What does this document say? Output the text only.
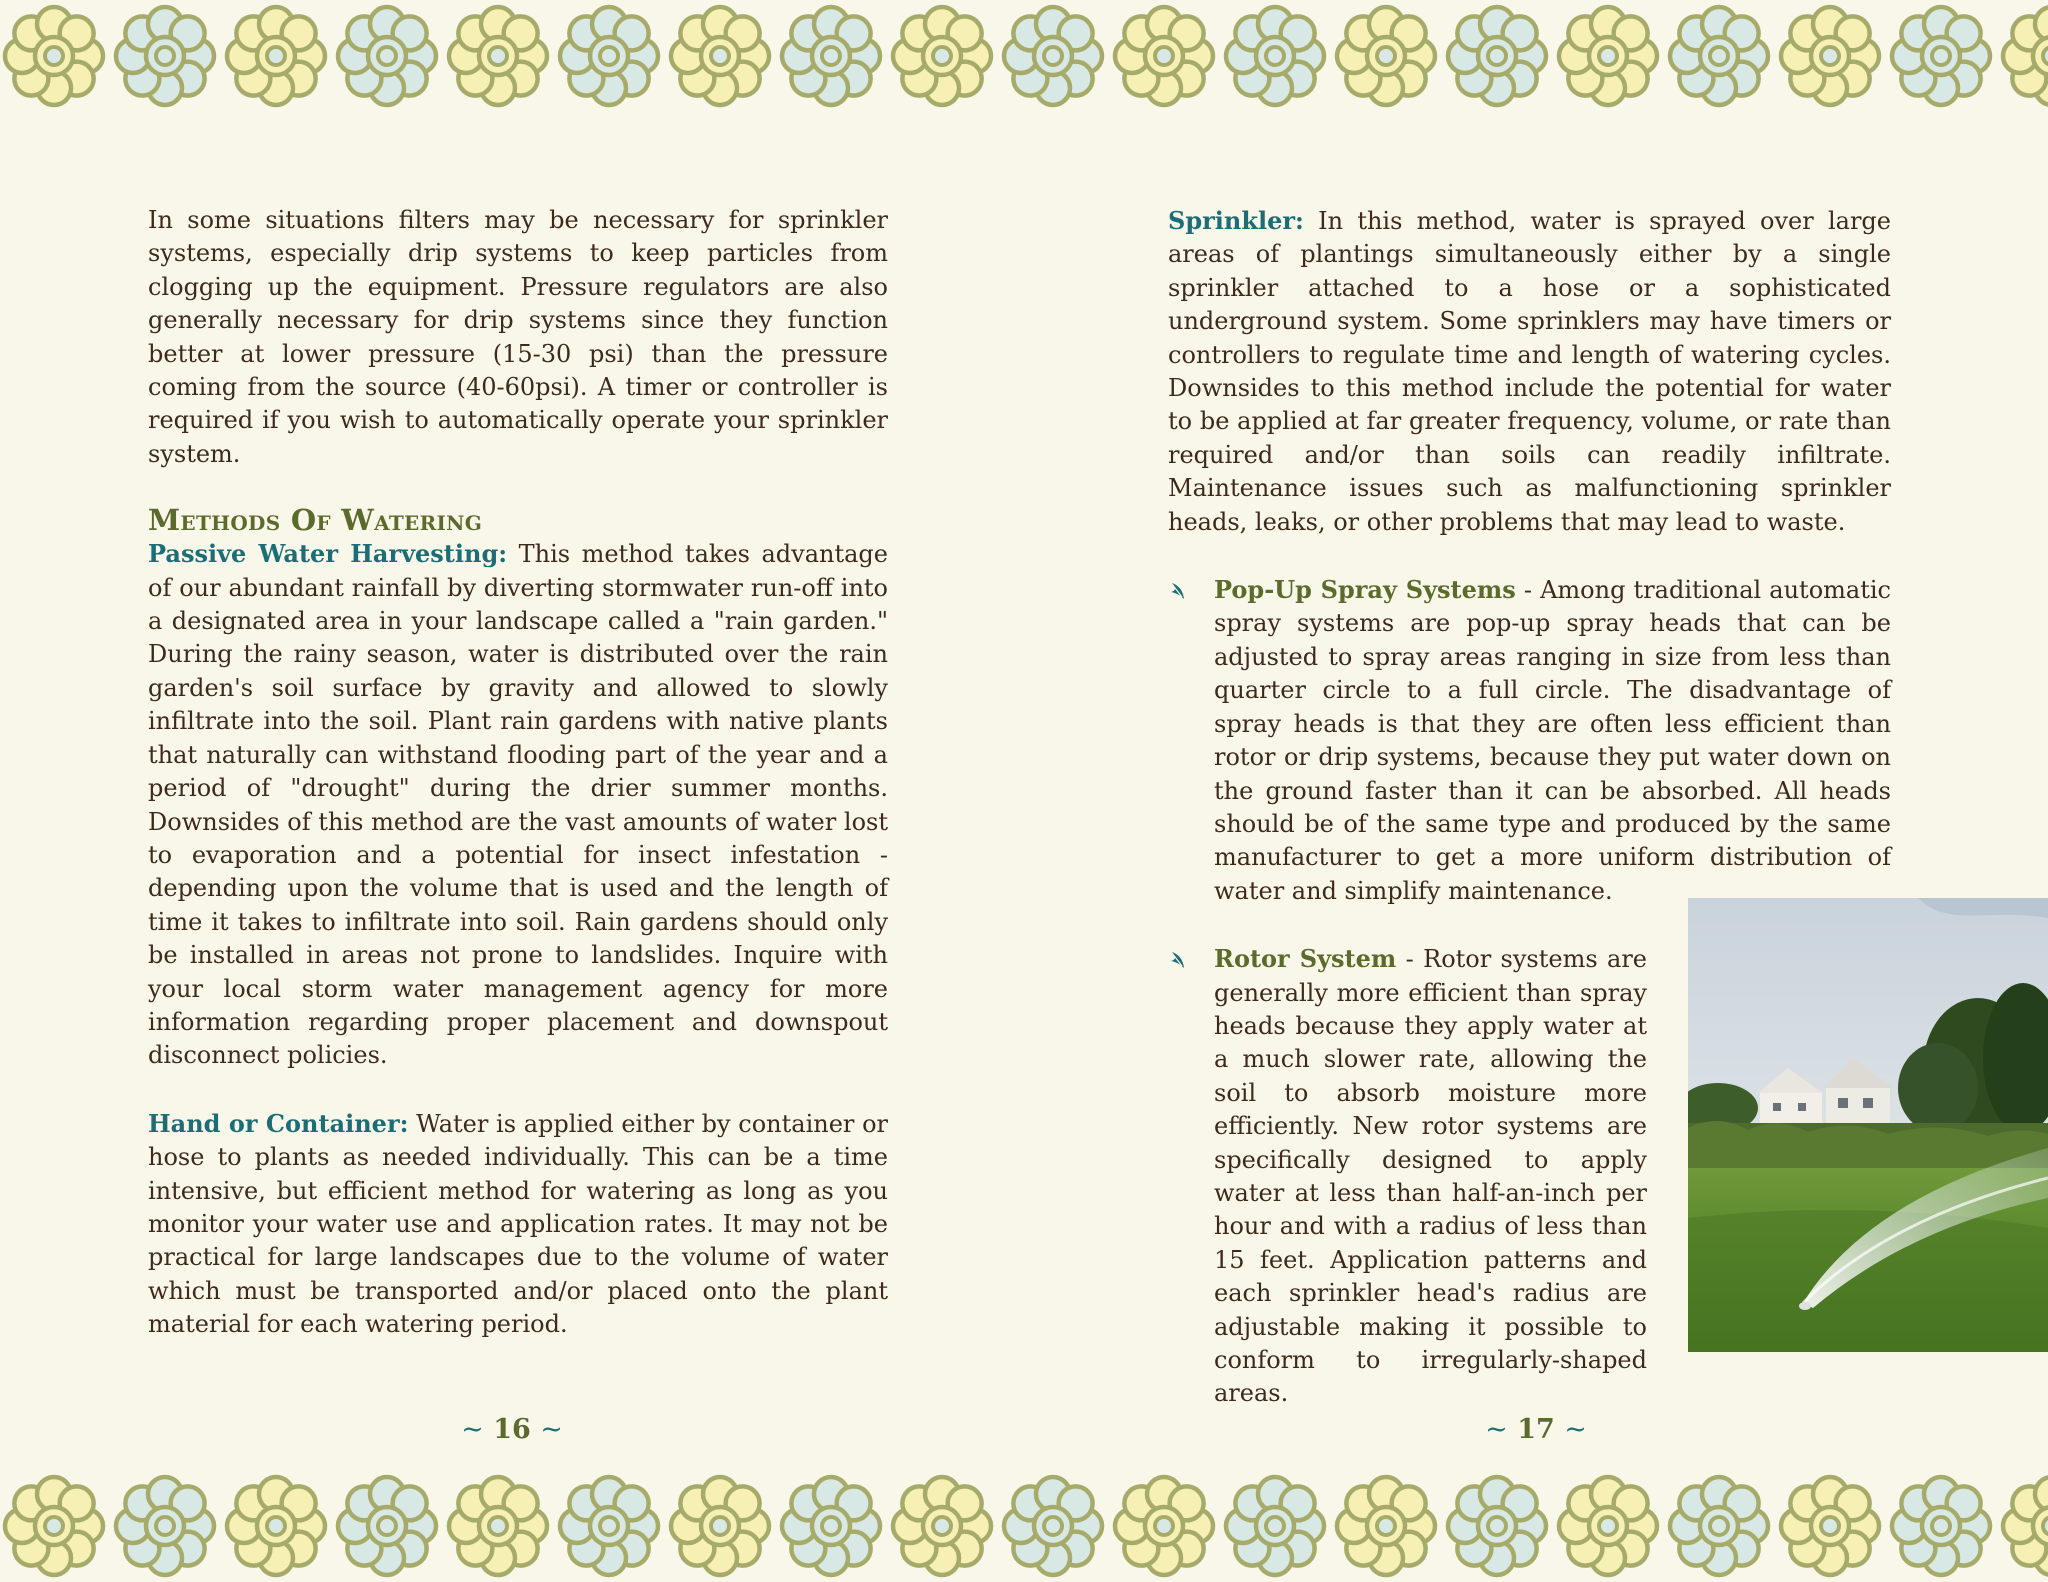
In some situations filters may be necessary for sprinkler systems, especially drip systems to keep particles from clogging up the equipment. Pressure regulators are also generally necessary for drip systems since they function better at lower pressure (15-30 psi) than the pressure coming from the source (40-60psi). A timer or controller is required if you wish to automatically operate your sprinkler system.

Methods Of Watering

Passive Water Harvesting: This method takes advantage of our abundant rainfall by diverting stormwater run-off into a designated area in your landscape called a "rain garden." During the rainy season, water is distributed over the rain garden's soil surface by gravity and allowed to slowly infiltrate into the soil. Plant rain gardens with native plants that naturally can withstand flooding part of the year and a period of "drought" during the drier summer months. Downsides of this method are the vast amounts of water lost to evaporation and a potential for insect infestation - depending upon the volume that is used and the length of time it takes to infiltrate into soil. Rain gardens should only be installed in areas not prone to landslides. Inquire with your local storm water management agency for more information regarding proper placement and downspout disconnect policies.

Hand or Container: Water is applied either by container or hose to plants as needed individually. This can be a time intensive, but efficient method for watering as long as you monitor your water use and application rates. It may not be practical for large landscapes due to the volume of water which must be transported and/or placed onto the plant material for each watering period.

Sprinkler: In this method, water is sprayed over large areas of plantings simultaneously either by a single sprinkler attached to a hose or a sophisticated underground system. Some sprinklers may have timers or controllers to regulate time and length of watering cycles. Downsides to this method include the potential for water to be applied at far greater frequency, volume, or rate than required and/or than soils can readily infiltrate. Maintenance issues such as malfunctioning sprinkler heads, leaks, or other problems that may lead to waste.

Pop-Up Spray Systems - Among traditional automatic spray systems are pop-up spray heads that can be adjusted to spray areas ranging in size from less than quarter circle to a full circle. The disadvantage of spray heads is that they are often less efficient than rotor or drip systems, because they put water down on the ground faster than it can be absorbed. All heads should be of the same type and produced by the same manufacturer to get a more uniform distribution of water and simplify maintenance.

Rotor System - Rotor systems are generally more efficient than spray heads because they apply water at a much slower rate, allowing the soil to absorb moisture more efficiently. New rotor systems are specifically designed to apply water at less than half-an-inch per hour and with a radius of less than 15 feet. Application patterns and each sprinkler head's radius are adjustable making it possible to conform to irregularly-shaped areas.

~ 16 ~	~ 17 ~
